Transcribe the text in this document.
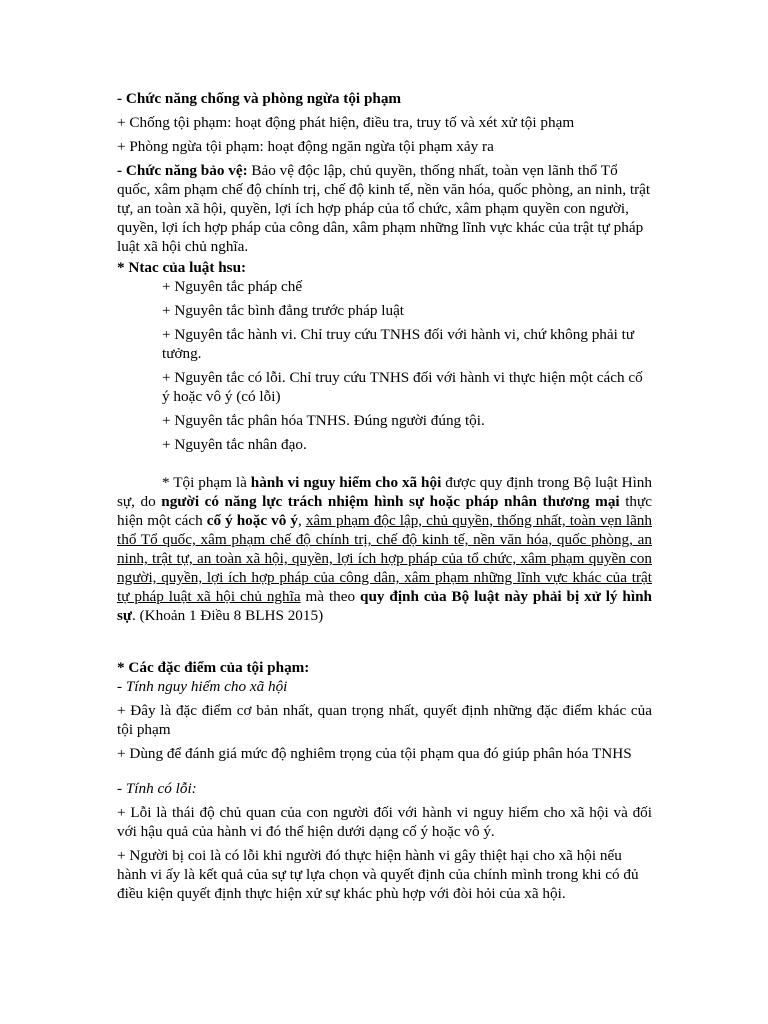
- Chức năng chống và phòng ngừa tội phạm

+ Chống tội phạm: hoạt động phát hiện, điều tra, truy tố và xét xử tội phạm

+ Phòng ngừa tội phạm: hoạt động ngăn ngừa tội phạm xảy ra

- Chức năng bảo vệ: Bảo vệ độc lập, chủ quyền, thống nhất, toàn vẹn lãnh thổ Tổ quốc, xâm phạm chế độ chính trị, chế độ kinh tế, nền văn hóa, quốc phòng, an ninh, trật tự, an toàn xã hội, quyền, lợi ích hợp pháp của tổ chức, xâm phạm quyền con người, quyền, lợi ích hợp pháp của công dân, xâm phạm những lĩnh vực khác của trật tự pháp luật xã hội chủ nghĩa.

* Ntac của luật hsu:

+ Nguyên tắc pháp chế

+ Nguyên tắc bình đẳng trước pháp luật

+ Nguyên tắc hành vi. Chỉ truy cứu TNHS đối với hành vi, chứ không phải tư tưởng.

+ Nguyên tắc có lỗi. Chỉ truy cứu TNHS đối với hành vi thực hiện một cách cố ý hoặc vô ý (có lỗi)

+ Nguyên tắc phân hóa TNHS. Đúng người đúng tội.

+ Nguyên tắc nhân đạo.

* Tội phạm là hành vi nguy hiểm cho xã hội được quy định trong Bộ luật Hình sự, do người có năng lực trách nhiệm hình sự hoặc pháp nhân thương mại thực hiện một cách cố ý hoặc vô ý, xâm phạm độc lập, chủ quyền, thống nhất, toàn vẹn lãnh thổ Tổ quốc, xâm phạm chế độ chính trị, chế độ kinh tế, nền văn hóa, quốc phòng, an ninh, trật tự, an toàn xã hội, quyền, lợi ích hợp pháp của tổ chức, xâm phạm quyền con người, quyền, lợi ích hợp pháp của công dân, xâm phạm những lĩnh vực khác của trật tự pháp luật xã hội chủ nghĩa mà theo quy định của Bộ luật này phải bị xử lý hình sự. (Khoản 1 Điều 8 BLHS 2015)

* Các đặc điểm của tội phạm:

- Tính nguy hiểm cho xã hội

+ Đây là đặc điểm cơ bản nhất, quan trọng nhất, quyết định những đặc điểm khác của tội phạm

+ Dùng để đánh giá mức độ nghiêm trọng của tội phạm qua đó giúp phân hóa TNHS

- Tính có lỗi:

+ Lỗi là thái độ chủ quan của con người đối với hành vi nguy hiểm cho xã hội và đối với hậu quả của hành vi đó thể hiện dưới dạng cố ý hoặc vô ý.

+ Người bị coi là có lỗi khi người đó thực hiện hành vi gây thiệt hại cho xã hội nếu hành vi ấy là kết quả của sự tự lựa chọn và quyết định của chính mình trong khi có đủ điều kiện quyết định thực hiện xử sự khác phù hợp với đòi hỏi của xã hội.
